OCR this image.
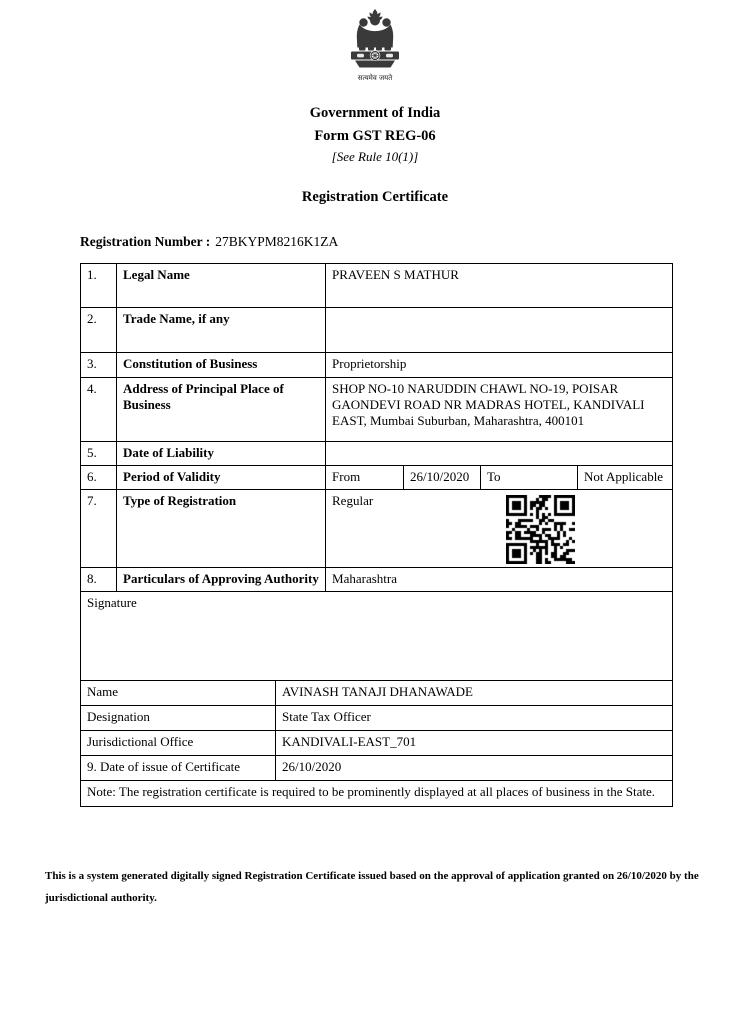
सत्यमेव जयते
Government of India
Form GST REG-06
[See Rule 10(1)]
Registration Certificate
Registration Number : 27BKYPM8216K1ZA
1.	Legal Name		PRAVEEN S MATHUR			
2.	Trade Name, if any					
3.	Constitution of Business		Proprietorship			
4.	Address of Principal Place of Business		SHOP NO-10 NARUDDIN CHAWL NO-19, POISAR GAONDEVI ROAD NR MADRAS HOTEL, KANDIVALI EAST, Mumbai Suburban, Maharashtra, 400101			
5.	Date of Liability					
6.	Period of Validity		From	26/10/2020	To	Not Applicable
7.	Type of Registration		Regular			

8.	Particulars of Approving Authority		Maharashtra			
Signature						
Name		AVINASH TANAJI DHANAWADE				
Designation		State Tax Officer				
Jurisdictional Office		KANDIVALI-EAST_701				
9. Date of issue of Certificate		26/10/2020				
Note: The registration certificate is required to be prominently displayed at all places of business in the State.						
This is a system generated digitally signed Registration Certificate issued based on the approval of application granted on 26/10/2020 by the jurisdictional authority.
